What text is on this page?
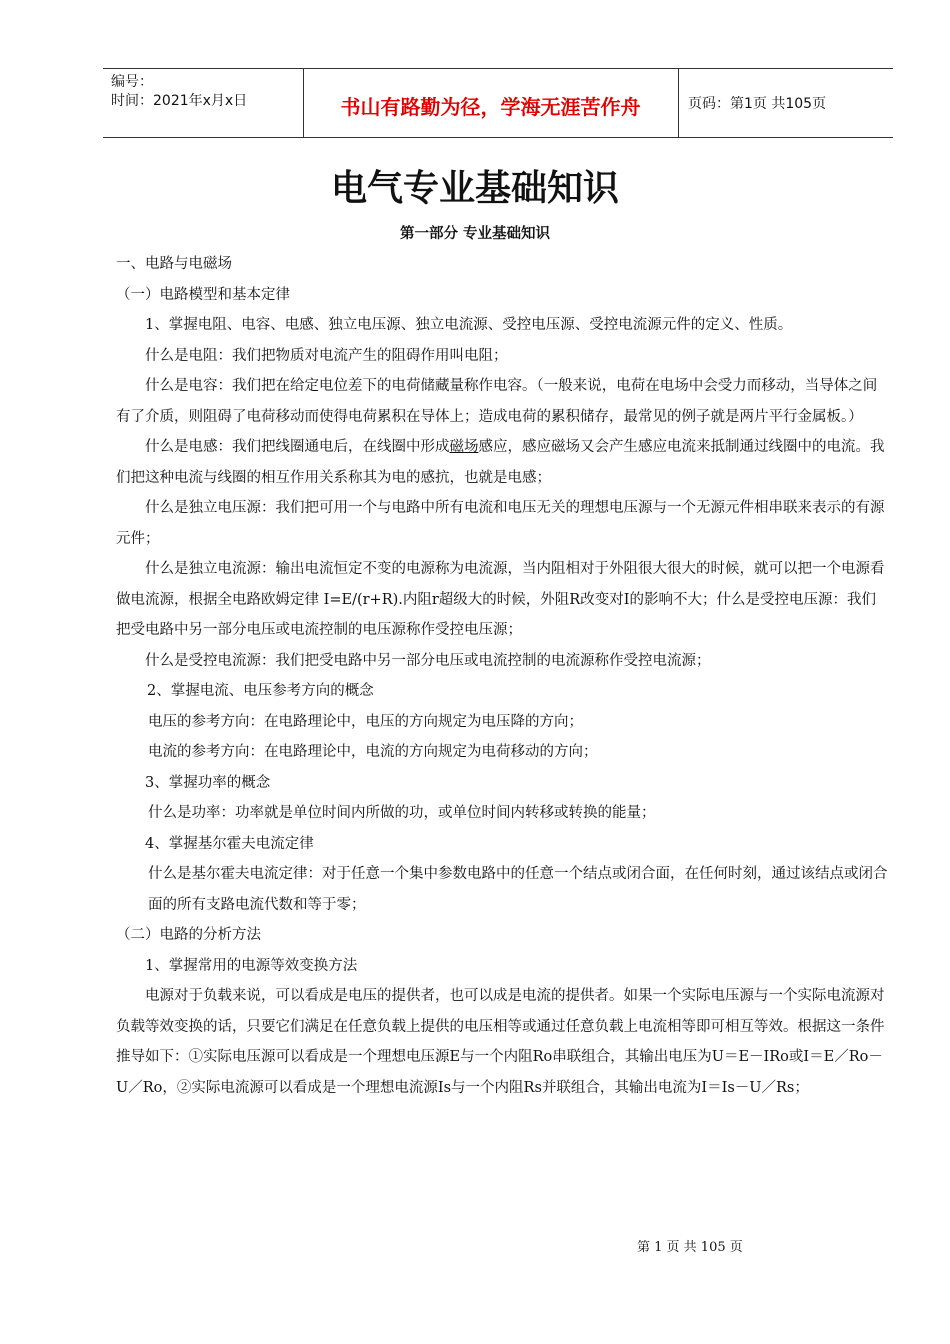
编号：
时间：2021年x月x日	书山有路勤为径，学海无涯苦作舟	页码：第1页 共105页
电气专业基础知识
第一部分 专业基础知识

一、电路与电磁场

（一）电路模型和基本定律

1、掌握电阻、电容、电感、独立电压源、独立电流源、受控电压源、受控电流源元件的定义、性质。

什么是电阻：我们把物质对电流产生的阻碍作用叫电阻；

什么是电容：我们把在给定电位差下的电荷储藏量称作电容。（一般来说，电荷在电场中会受力而移动，当导体之间有了介质，则阻碍了电荷移动而使得电荷累积在导体上；造成电荷的累积储存，最常见的例子就是两片平行金属板。）

什么是电感：我们把线圈通电后，在线圈中形成磁场感应，感应磁场又会产生感应电流来抵制通过线圈中的电流。我们把这种电流与线圈的相互作用关系称其为电的感抗，也就是电感；

什么是独立电压源：我们把可用一个与电路中所有电流和电压无关的理想电压源与一个无源元件相串联来表示的有源元件；

什么是独立电流源：输出电流恒定不变的电源称为电流源，当内阻相对于外阻很大很大的时候，就可以把一个电源看做电流源，根据全电路欧姆定律 I=E/(r+R).内阻r超级大的时候，外阻R改变对I的影响不大；什么是受控电压源：我们把受电路中另一部分电压或电流控制的电压源称作受控电压源；

什么是受控电流源：我们把受电路中另一部分电压或电流控制的电流源称作受控电流源；

2、掌握电流、电压参考方向的概念

电压的参考方向：在电路理论中，电压的方向规定为电压降的方向；

电流的参考方向：在电路理论中，电流的方向规定为电荷移动的方向；

3、掌握功率的概念

什么是功率：功率就是单位时间内所做的功，或单位时间内转移或转换的能量；

4、掌握基尔霍夫电流定律

什么是基尔霍夫电流定律：对于任意一个集中参数电路中的任意一个结点或闭合面，在任何时刻，通过该结点或闭合面的所有支路电流代数和等于零；

（二）电路的分析方法

1、掌握常用的电源等效变换方法

电源对于负载来说，可以看成是电压的提供者，也可以成是电流的提供者。如果一个实际电压源与一个实际电流源对负载等效变换的话，只要它们满足在任意负载上提供的电压相等或通过任意负载上电流相等即可相互等效。根据这一条件推导如下：①实际电压源可以看成是一个理想电压源E与一个内阻Ro串联组合，其输出电压为U＝E－IRo或I＝E／Ro－U／Ro，②实际电流源可以看成是一个理想电流源Is与一个内阻Rs并联组合，其输出电流为I＝Is－U／Rs；

第 1 页 共 105 页
